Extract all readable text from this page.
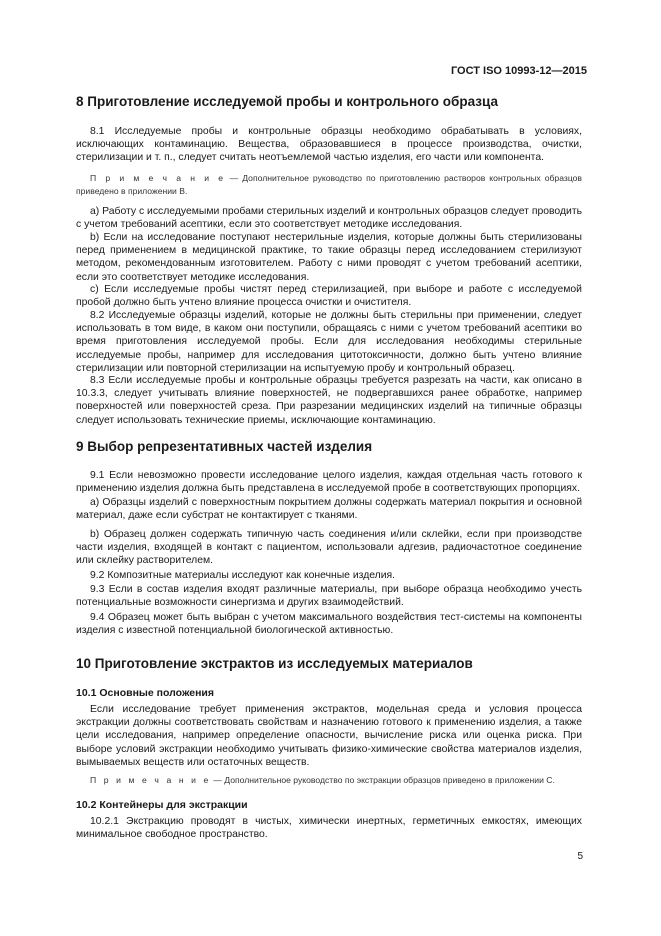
ГОСТ ISO 10993-12—2015
8 Приготовление исследуемой пробы и контрольного образца

8.1 Исследуемые пробы и контрольные образцы необходимо обрабатывать в условиях, исключающих контаминацию. Вещества, образовавшиеся в процессе производства, очистки, стерилизации и т. п., следует считать неотъемлемой частью изделия, его части или компонента.

П р и м е ч а н и е — Дополнительное руководство по приготовлению растворов контрольных образцов приведено в приложении В.

a) Работу с исследуемыми пробами стерильных изделий и контрольных образцов следует проводить с учетом требований асептики, если это соответствует методике исследования.

b) Если на исследование поступают нестерильные изделия, которые должны быть стерилизованы перед применением в медицинской практике, то такие образцы перед исследованием стерилизуют методом, рекомендованным изготовителем. Работу с ними проводят с учетом требований асептики, если это соответствует методике исследования.

c) Если исследуемые пробы чистят перед стерилизацией, при выборе и работе с исследуемой пробой должно быть учтено влияние процесса очистки и очистителя.

8.2 Исследуемые образцы изделий, которые не должны быть стерильны при применении, следует использовать в том виде, в каком они поступили, обращаясь с ними с учетом требований асептики во время приготовления исследуемой пробы. Если для исследования необходимы стерильные исследуемые пробы, например для исследования цитотоксичности, должно быть учтено влияние стерилизации или повторной стерилизации на испытуемую пробу и контрольный образец.

8.3 Если исследуемые пробы и контрольные образцы требуется разрезать на части, как описано в 10.3.3, следует учитывать влияние поверхностей, не подвергавшихся ранее обработке, например поверхностей или поверхностей среза. При разрезании медицинских изделий на типичные образцы следует использовать технические приемы, исключающие контаминацию.

9 Выбор репрезентативных частей изделия

9.1 Если невозможно провести исследование целого изделия, каждая отдельная часть готового к применению изделия должна быть представлена в исследуемой пробе в соответствующих пропорциях.

a) Образцы изделий с поверхностным покрытием должны содержать материал покрытия и основной материал, даже если субстрат не контактирует с тканями.

b) Образец должен содержать типичную часть соединения и/или склейки, если при производстве части изделия, входящей в контакт с пациентом, использовали адгезив, радиочастотное соединение или склейку растворителем.

9.2 Композитные материалы исследуют как конечные изделия.

9.3 Если в состав изделия входят различные материалы, при выборе образца необходимо учесть потенциальные возможности синергизма и других взаимодействий.

9.4 Образец может быть выбран с учетом максимального воздействия тест-системы на компоненты изделия с известной потенциальной биологической активностью.

10 Приготовление экстрактов из исследуемых материалов
10.1 Основные положения

Если исследование требует применения экстрактов, модельная среда и условия процесса экстракции должны соответствовать свойствам и назначению готового к применению изделия, а также цели исследования, например определение опасности, вычисление риска или оценка риска. При выборе условий экстракции необходимо учитывать физико-химические свойства материалов изделия, вымываемых веществ или остаточных веществ.

П р и м е ч а н и е — Дополнительное руководство по экстракции образцов приведено в приложении С.

10.2 Контейнеры для экстракции

10.2.1 Экстракцию проводят в чистых, химически инертных, герметичных емкостях, имеющих минимальное свободное пространство.

5
